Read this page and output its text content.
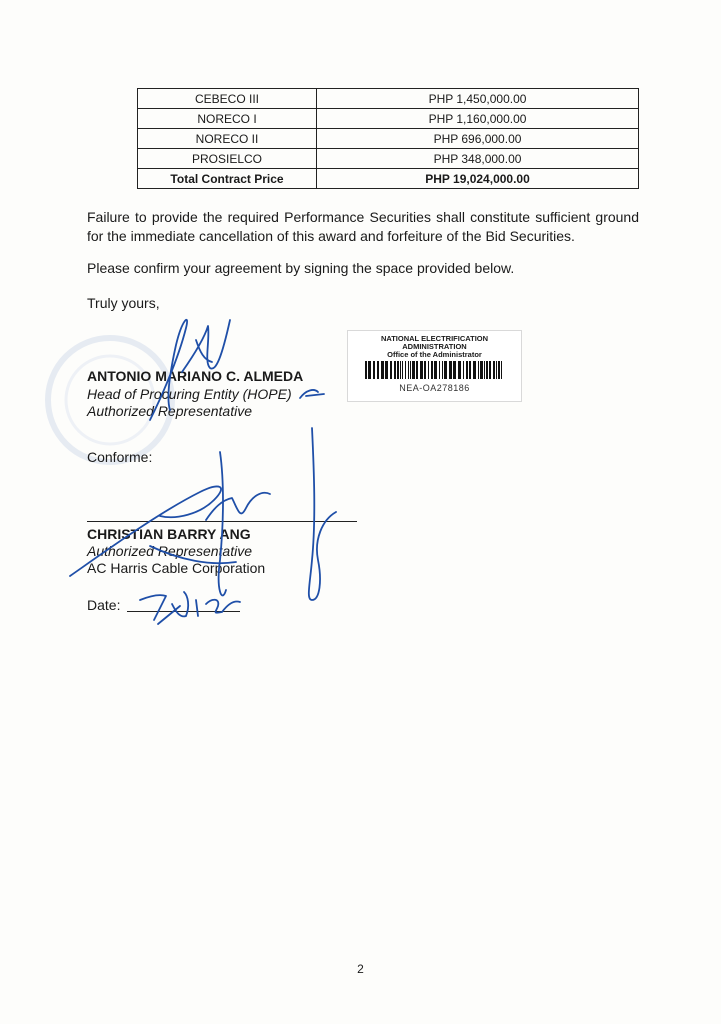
CEBECO III	PHP 1,450,000.00
NORECO I	PHP 1,160,000.00
NORECO II	PHP 696,000.00
PROSIELCO	PHP 348,000.00
Total Contract Price	PHP 19,024,000.00
Failure to provide the required Performance Securities shall constitute sufficient ground for the immediate cancellation of this award and forfeiture of the Bid Securities.
Please confirm your agreement by signing the space provided below.
Truly yours,
ANTONIO MARIANO C. ALMEDA
Head of Procuring Entity (HOPE)
Authorized Representative
NATIONAL ELECTRIFICATION
ADMINISTRATION
Office of the Administrator
NEA-OA278186
Conforme:
CHRISTIAN BARRY ANG
Authorized Representative
AC Harris Cable Corporation
Date:
2
